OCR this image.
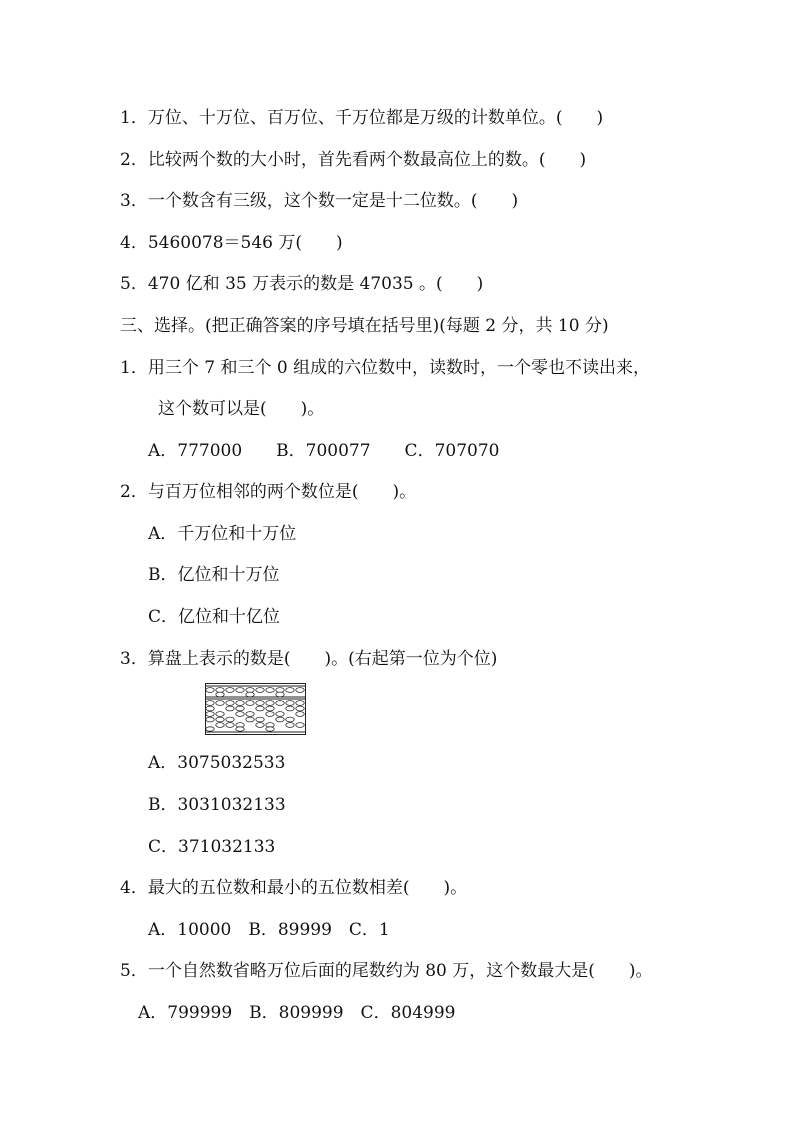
1．万位、十万位、百万位、千万位都是万级的计数单位。(　　)
2．比较两个数的大小时，首先看两个数最高位上的数。(　　)
3．一个数含有三级，这个数一定是十二位数。(　　)
4．5460078＝546 万(　　)
5．470 亿和 35 万表示的数是 47035 。(　　)
三、选择。(把正确答案的序号填在括号里)(每题 2 分，共 10 分)
1．用三个 7 和三个 0 组成的六位数中，读数时，一个零也不读出来，
这个数可以是(　　)。
A．777000　　B．700077　　C．707070
2．与百万位相邻的两个数位是(　　)。
A．千万位和十万位
B．亿位和十万位
C．亿位和十亿位
3．算盘上表示的数是(　　)。(右起第一位为个位)
A．3075032533
B．3031032133
C．371032133
4．最大的五位数和最小的五位数相差(　　)。
A．10000　B．89999　C．1
5．一个自然数省略万位后面的尾数约为 80 万，这个数最大是(　　)。
A．799999　B．809999　C．804999
